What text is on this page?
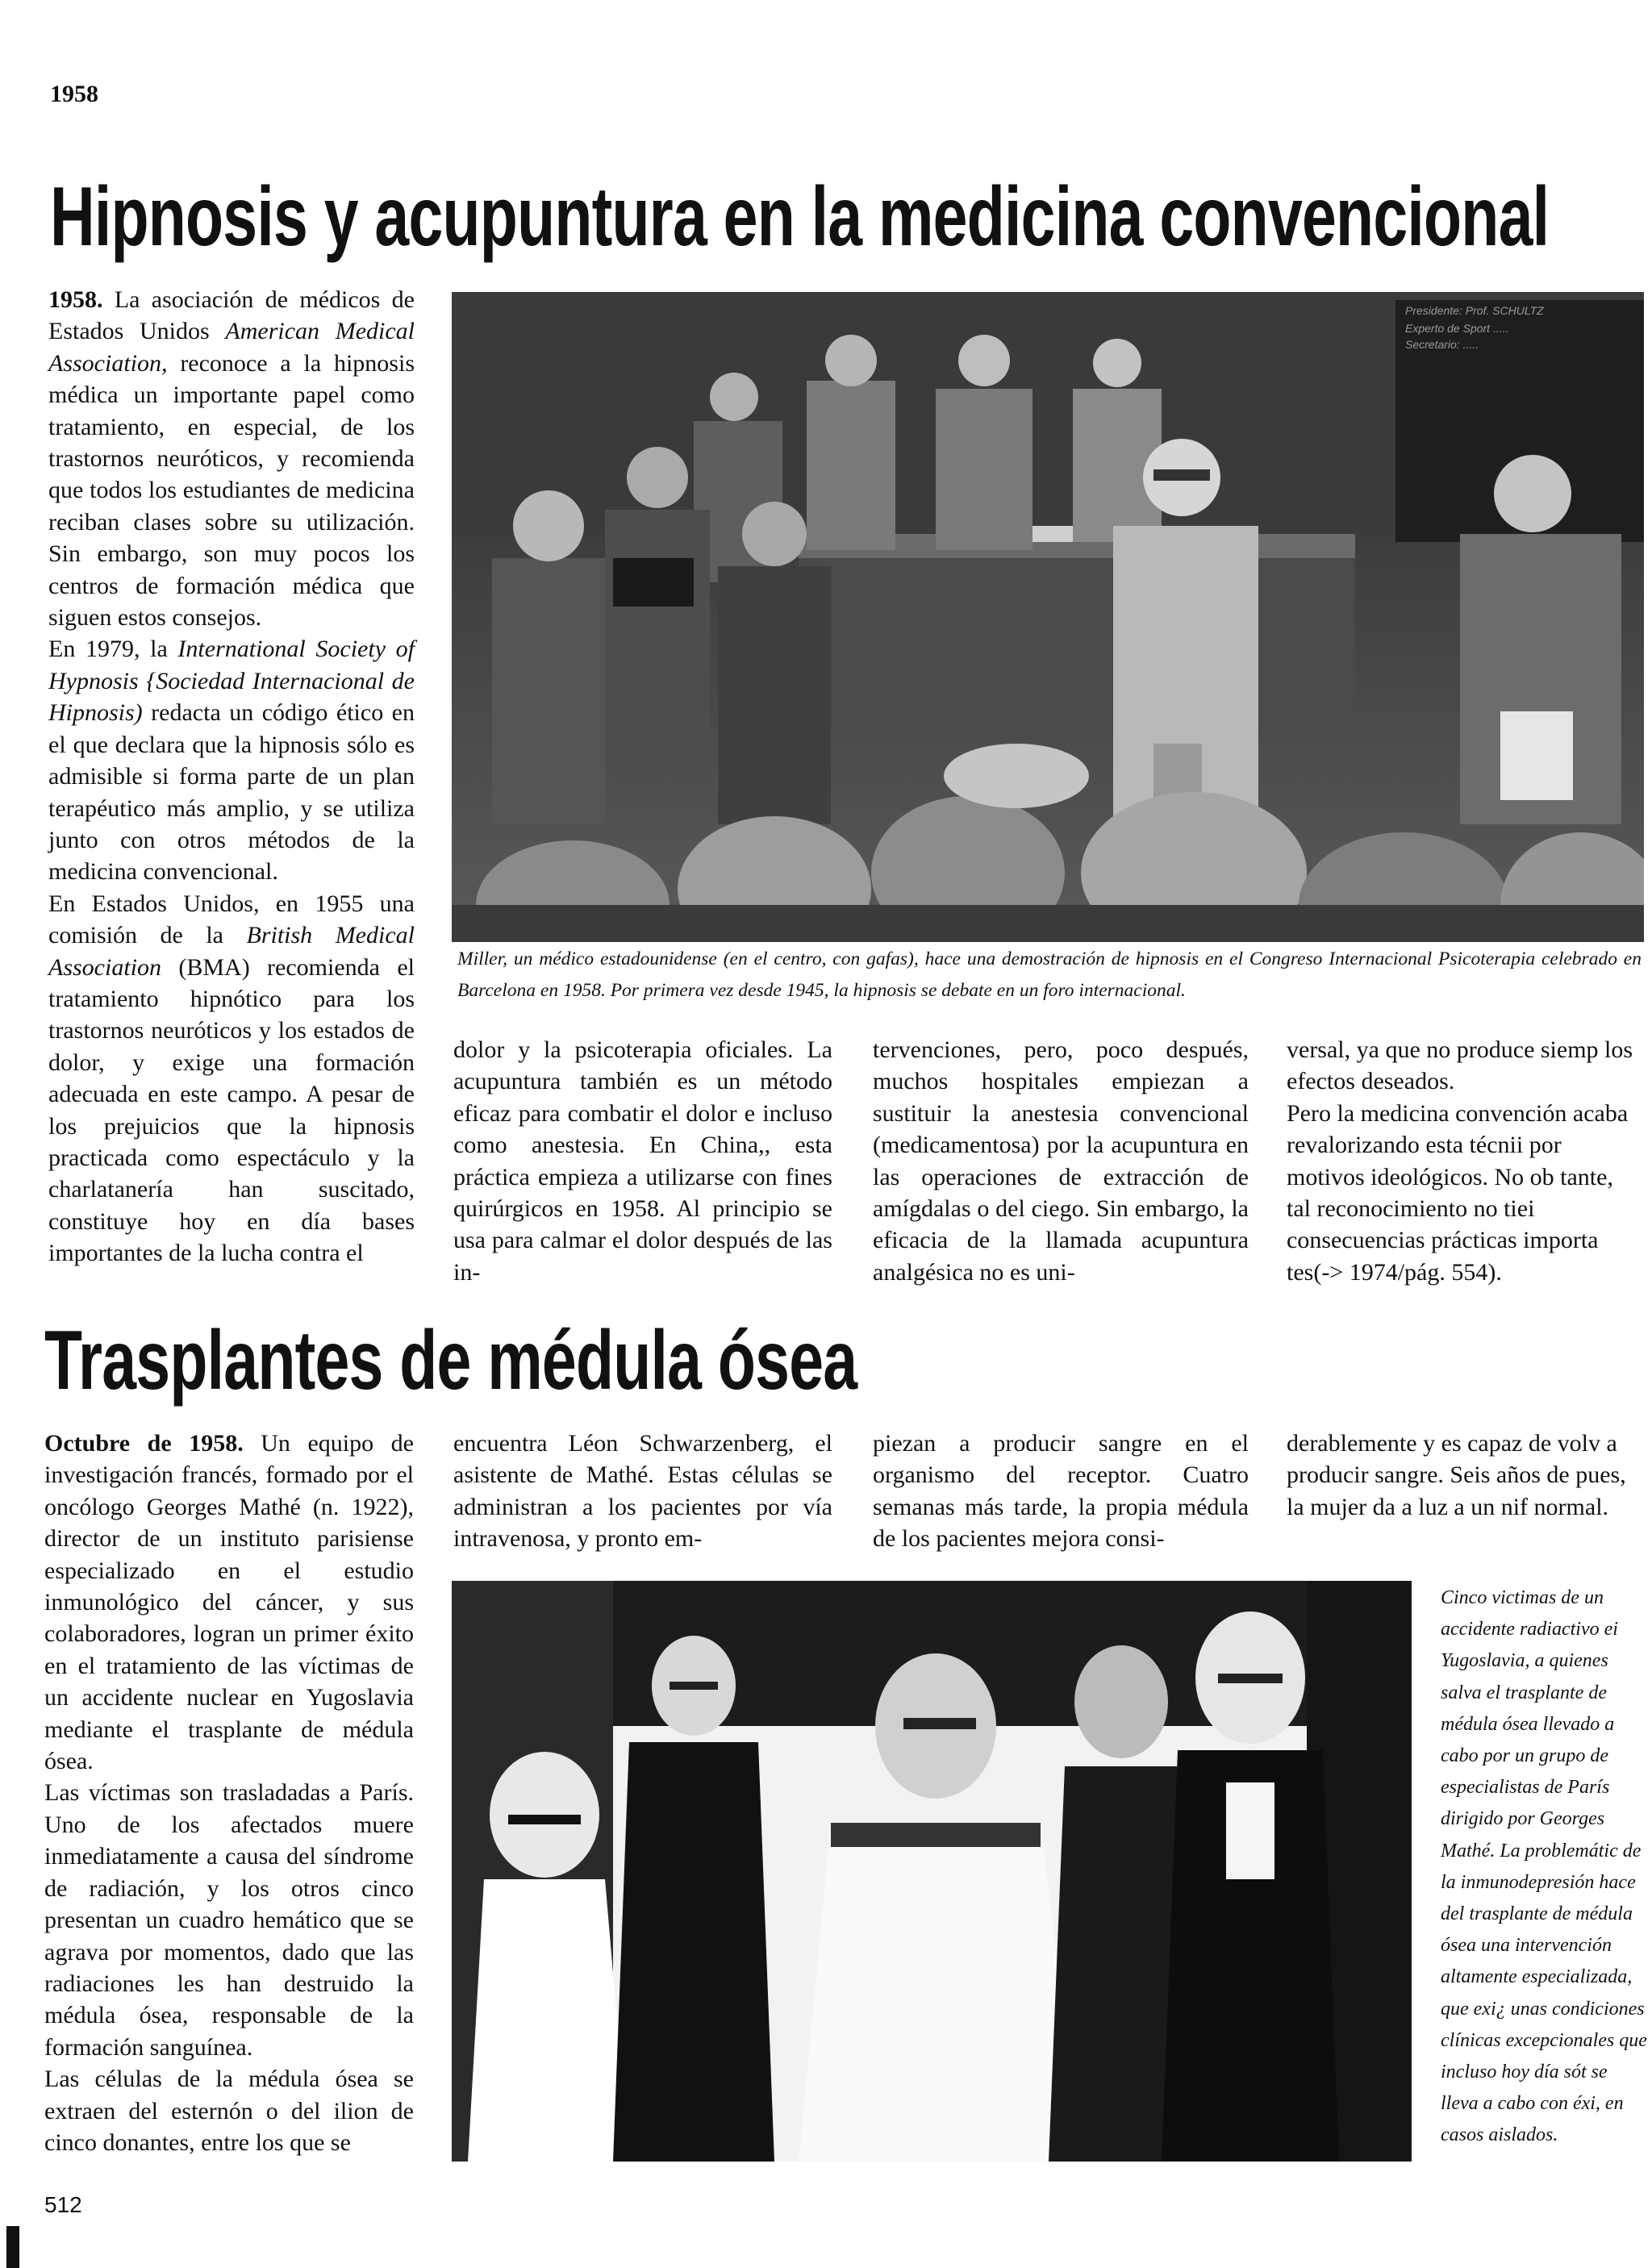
1958
Hipnosis y acupuntura en la medicina convencional

1958. La asociación de médicos de Estados Unidos American Medical Association, reconoce a la hipnosis médica un importante papel como tratamiento, en especial, de los trastornos neuróticos, y recomienda que todos los estudiantes de medicina reciban clases sobre su utilización. Sin embargo, son muy pocos los centros de formación médica que siguen estos consejos.

En 1979, la International Society of Hypnosis {Sociedad Internacional de Hipnosis) redacta un código ético en el que declara que la hipnosis sólo es admisible si forma parte de un plan terapéutico más amplio, y se utiliza junto con otros métodos de la medicina convencional.

En Estados Unidos, en 1955 una comisión de la British Medical Association (BMA) recomienda el tratamiento hipnótico para los trastornos neuróticos y los estados de dolor, y exige una formación adecuada en este campo. A pesar de los prejuicios que la hipnosis practicada como espectáculo y la charlatanería han suscitado, constituye hoy en día bases importantes de la lucha contra el

Presidente: Prof. SCHULTZ
Experto de Sport .....
Secretario: .....
Miller, un médico estadounidense (en el centro, con gafas), hace una demostración de hipnosis en el Congreso Internacional Psicoterapia celebrado en Barcelona en 1958. Por primera vez desde 1945, la hipnosis se debate en un foro internacional.
dolor y la psicoterapia oficiales. La acupuntura también es un método eficaz para combatir el dolor e incluso como anestesia. En China,, esta práctica empieza a utilizarse con fines quirúrgicos en 1958. Al principio se usa para calmar el dolor después de las in-
tervenciones, pero, poco después, muchos hospitales empiezan a sustituir la anestesia convencional (medicamentosa) por la acupuntura en las operaciones de extracción de amígdalas o del ciego. Sin embargo, la eficacia de la llamada acupuntura analgésica no es uni-

versal, ya que no produce siemp los efectos deseados.

Pero la medicina convención acaba revalorizando esta técnii por motivos ideológicos. No ob tante, tal reconocimiento no tiei consecuencias prácticas importa tes(-> 1974/pág. 554).

Trasplantes de médula ósea

Octubre de 1958. Un equipo de investigación francés, formado por el oncólogo Georges Mathé (n. 1922), director de un instituto parisiense especializado en el estudio inmunológico del cáncer, y sus colaboradores, logran un primer éxito en el tratamiento de las víctimas de un accidente nuclear en Yugoslavia mediante el trasplante de médula ósea.

Las víctimas son trasladadas a París. Uno de los afectados muere inmediatamente a causa del síndrome de radiación, y los otros cinco presentan un cuadro hemático que se agrava por momentos, dado que las radiaciones les han destruido la médula ósea, responsable de la formación sanguínea.

Las células de la médula ósea se extraen del esternón o del ilion de cinco donantes, entre los que se

encuentra Léon Schwarzenberg, el asistente de Mathé. Estas células se administran a los pacientes por vía intravenosa, y pronto em-
piezan a producir sangre en el organismo del receptor. Cuatro semanas más tarde, la propia médula de los pacientes mejora consi-
derablemente y es capaz de volv a producir sangre. Seis años de pues, la mujer da a luz a un nif normal.
Cinco victimas de un accidente radiactivo ei Yugoslavia, a quienes salva el trasplante de médula ósea llevado a cabo por un grupo de especialistas de París dirigido por Georges Mathé. La problemátic de la inmunodepresión hace del trasplante de médula ósea una intervención altamente especializada, que exi¿ unas condiciones clínicas excepcionales que incluso hoy día sót se lleva a cabo con éxi, en casos aislados.
512
